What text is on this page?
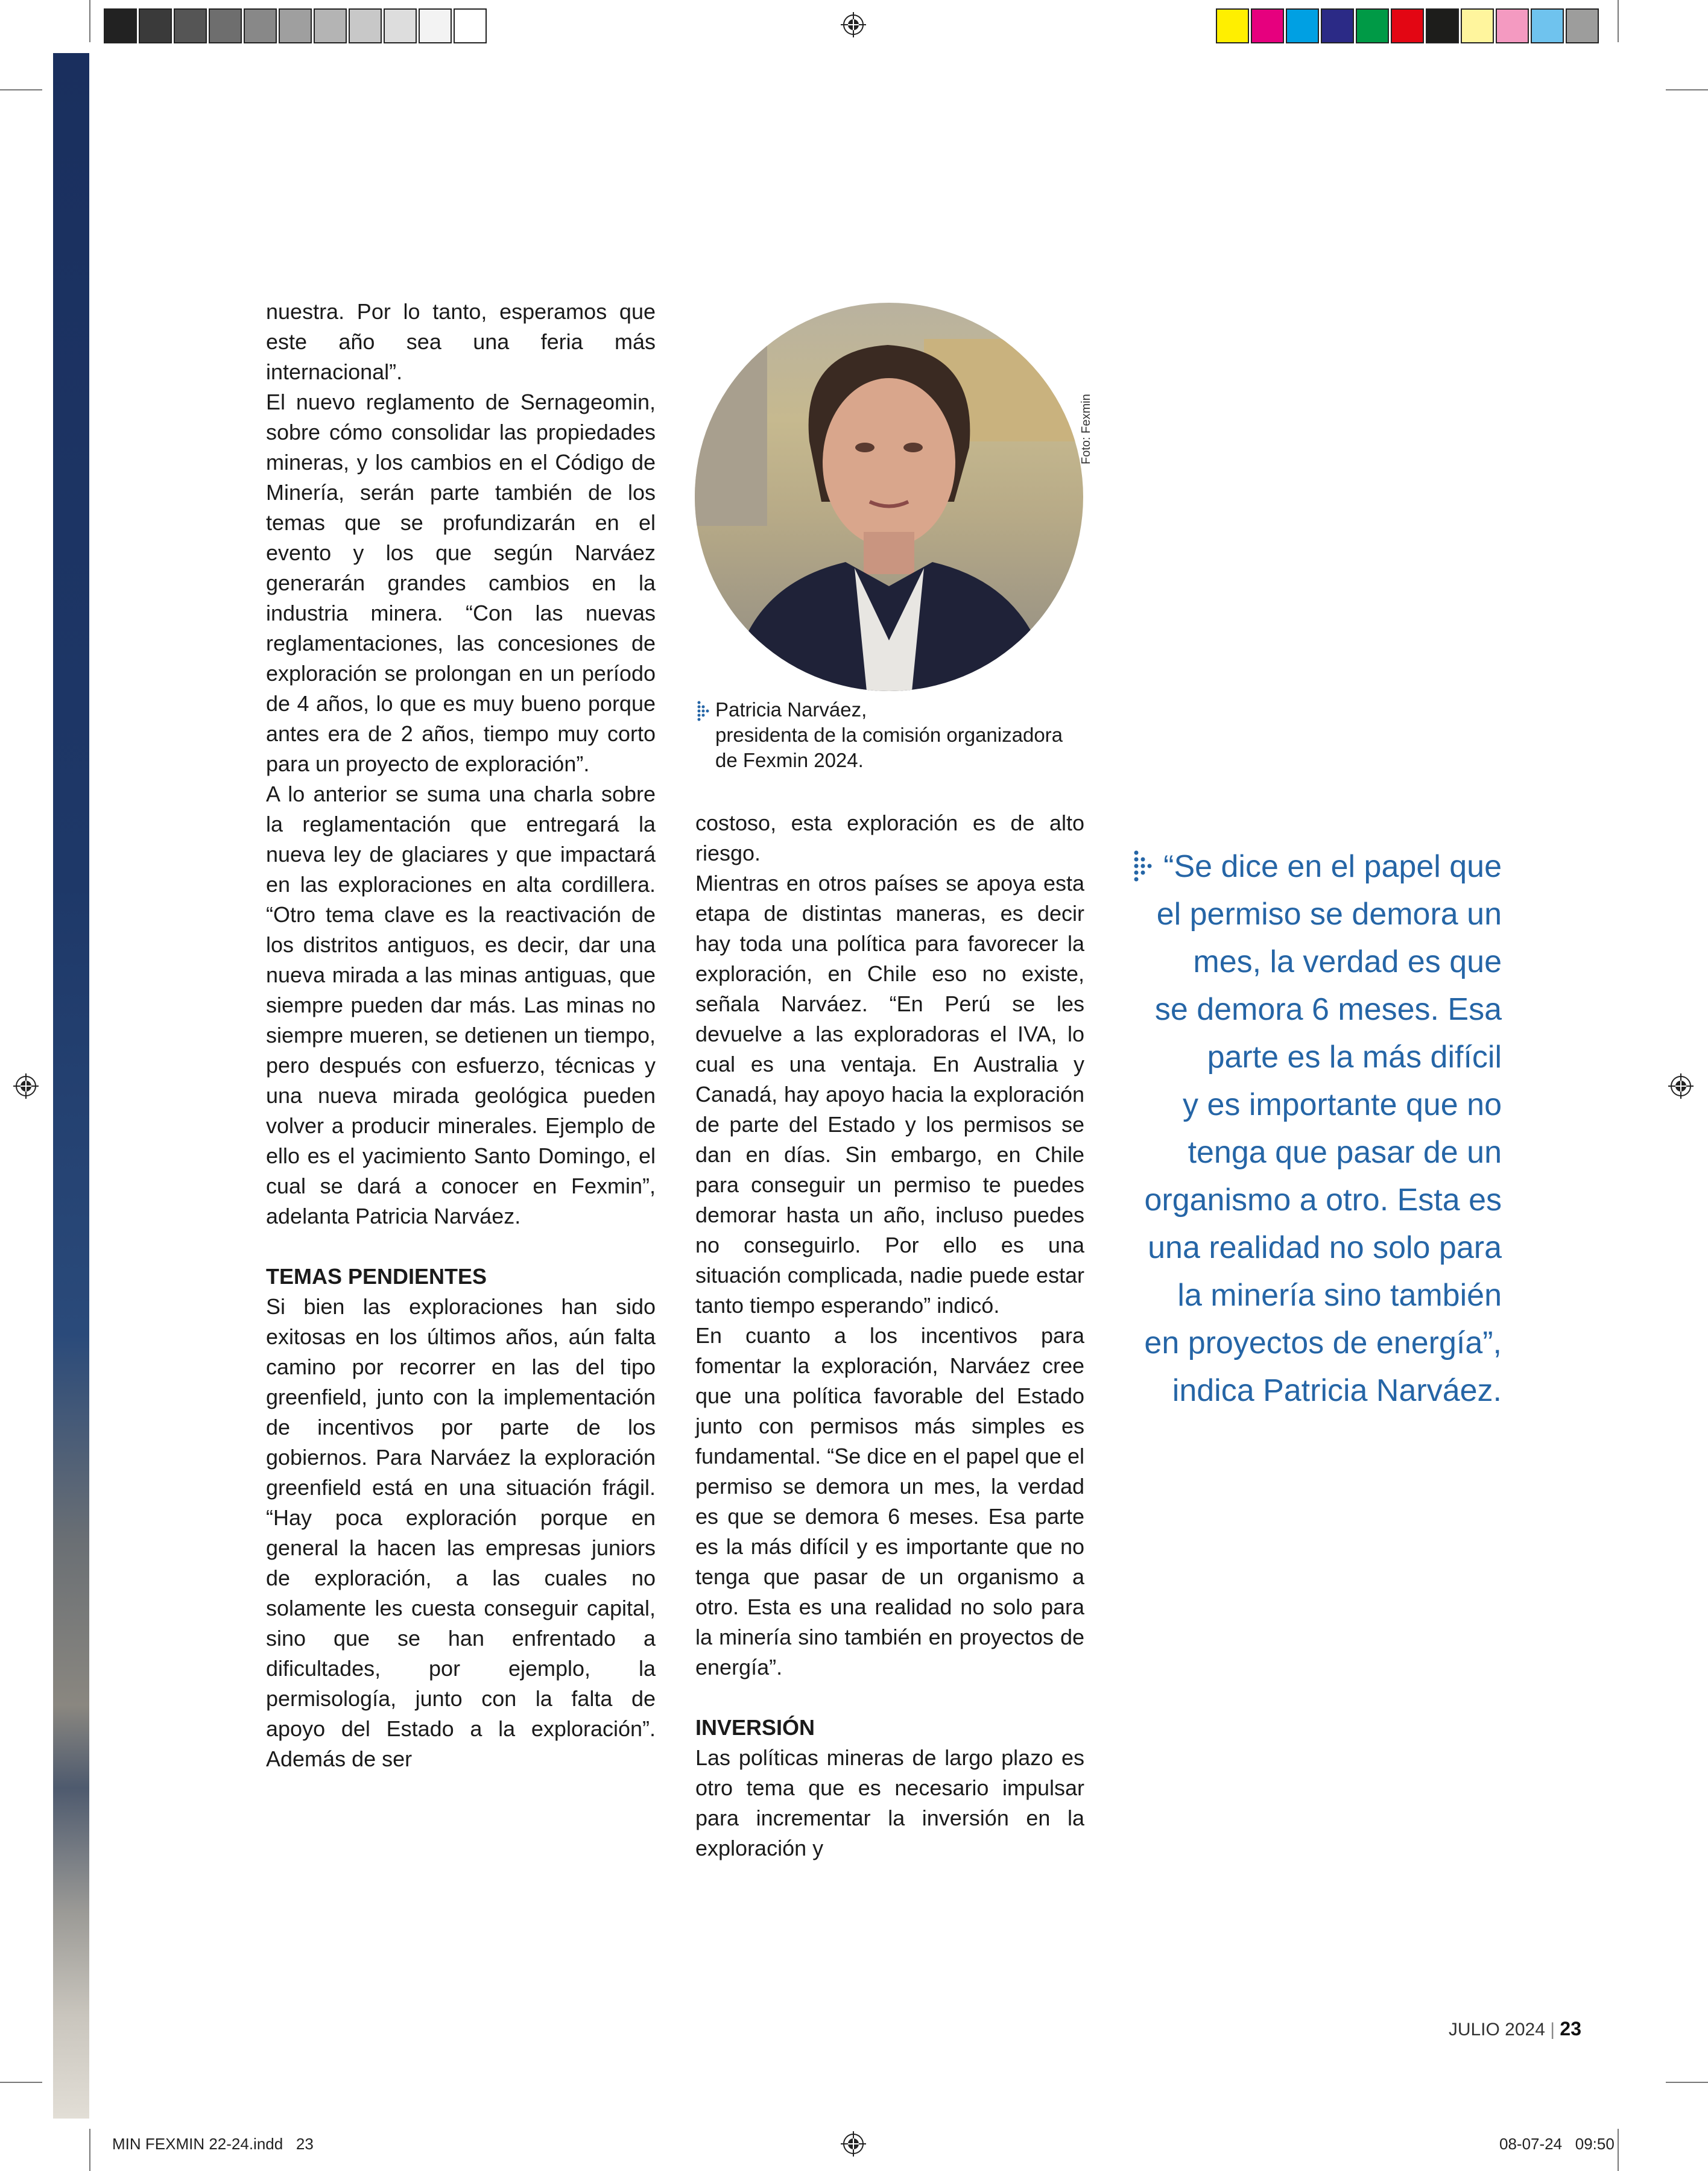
nuestra. Por lo tanto, esperamos que este año sea una feria más internacional”.

El nuevo reglamento de Sernageomin, sobre cómo consolidar las propiedades mineras, y los cambios en el Código de Minería, serán parte también de los temas que se profundizarán en el evento y los que según Narváez generarán grandes cambios en la industria minera. “Con las nuevas reglamentaciones, las concesiones de exploración se prolongan en un período de 4 años, lo que es muy bueno porque antes era de 2 años, tiempo muy corto para un proyecto de exploración”.

A lo anterior se suma una charla sobre la reglamentación que entregará la nueva ley de glaciares y que impactará en las exploraciones en alta cordillera. “Otro tema clave es la reactivación de los distritos antiguos, es decir, dar una nueva mirada a las minas antiguas, que siempre pueden dar más. Las minas no siempre mueren, se detienen un tiempo, pero después con esfuerzo, técnicas y una nueva mirada geológica pueden volver a producir minerales. Ejemplo de ello es el yacimiento Santo Domingo, el cual se dará a conocer en Fexmin”, adelanta Patricia Narváez.

TEMAS PENDIENTES

Si bien las exploraciones han sido exitosas en los últimos años, aún falta camino por recorrer en las del tipo greenfield, junto con la implementación de incentivos por parte de los gobiernos. Para Narváez la exploración greenfield está en una situación frágil. “Hay poca exploración porque en general la hacen las empresas juniors de exploración, a las cuales no solamente les cuesta conseguir capital, sino que se han enfrentado a dificultades, por ejemplo, la permisología, junto con la falta de apoyo del Estado a la exploración”. Además de ser

Foto: Fexmin
Patricia Narváez,
presidenta de la comisión organizadora
de Fexmin 2024.

costoso, esta exploración es de alto riesgo.

Mientras en otros países se apoya esta etapa de distintas maneras, es decir hay toda una política para favorecer la exploración, en Chile eso no existe, señala Narváez. “En Perú se les devuelve a las exploradoras el IVA, lo cual es una ventaja. En Australia y Canadá, hay apoyo hacia la exploración de parte del Estado y los permisos se dan en días. Sin embargo, en Chile para conseguir un permiso te puedes demorar hasta un año, incluso puedes no conseguirlo. Por ello es una situación complicada, nadie puede estar tanto tiempo esperando” indicó.

En cuanto a los incentivos para fomentar la exploración, Narváez cree que una política favorable del Estado junto con permisos más simples es fundamental. “Se dice en el papel que el permiso se demora un mes, la verdad es que se demora 6 meses. Esa parte es la más difícil y es importante que no tenga que pasar de un organismo a otro. Esta es una realidad no solo para la minería sino también en proyectos de energía”.

INVERSIÓN

Las políticas mineras de largo plazo es otro tema que es necesario impulsar para incrementar la inversión en la exploración y

“Se dice en el papel que
el permiso se demora un
mes, la verdad es que
se demora 6 meses. Esa
parte es la más difícil
y es importante que no
tenga que pasar de un
organismo a otro. Esta es
una realidad no solo para
la minería sino también
en proyectos de energía”,
indica Patricia Narváez.
JULIO 2024 | 23
MIN FEXMIN 22-24.indd   23	08-07-24   09:50
